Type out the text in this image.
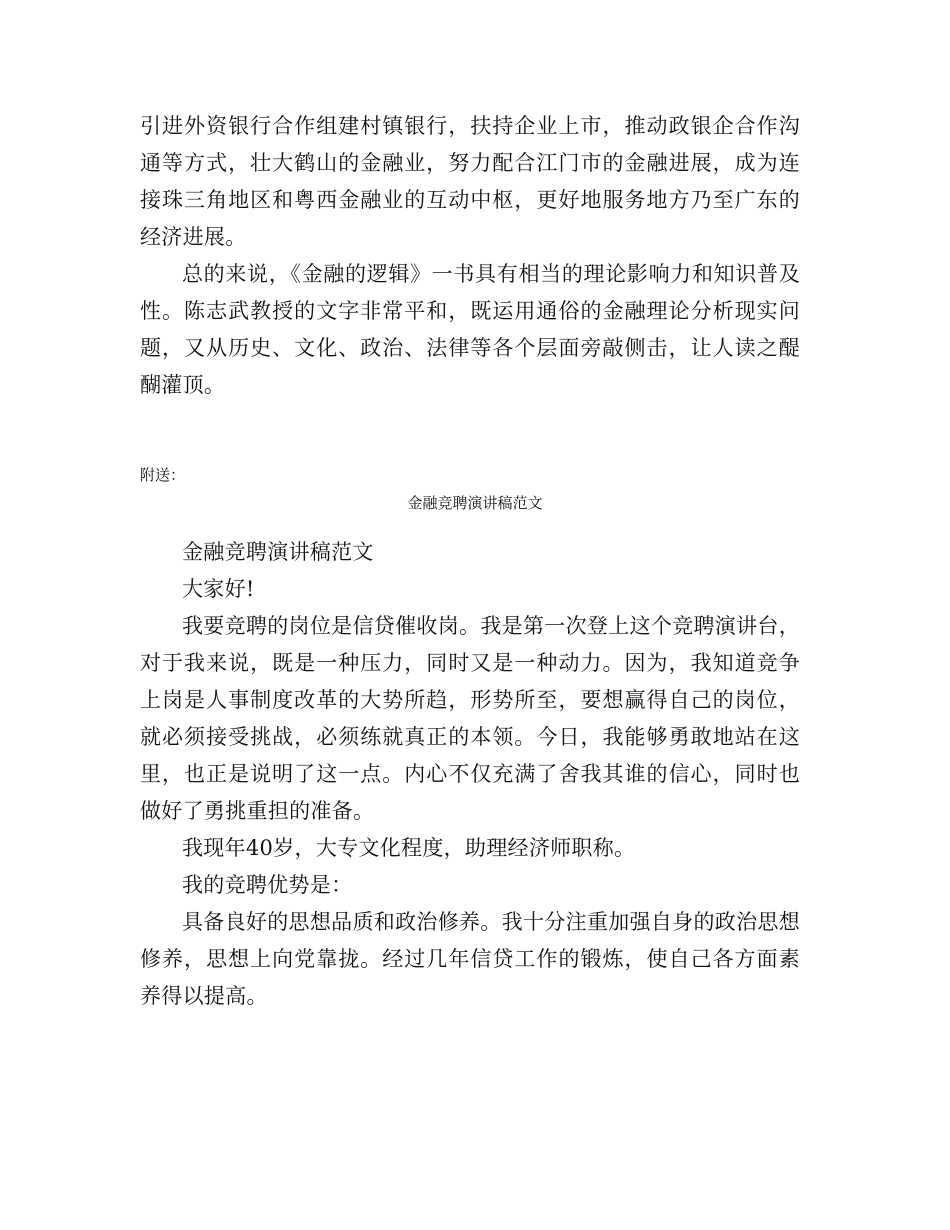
引进外资银行合作组建村镇银行，扶持企业上市，推动政银企合作沟通等方式，壮大鹤山的金融业，努力配合江门市的金融进展，成为连接珠三角地区和粤西金融业的互动中枢，更好地服务地方乃至广东的经济进展。

总的来说，《金融的逻辑》一书具有相当的理论影响力和知识普及性。陈志武教授的文字非常平和，既运用通俗的金融理论分析现实问题，又从历史、文化、政治、法律等各个层面旁敲侧击，让人读之醍醐灌顶。

附送：
金融竞聘演讲稿范文

金融竞聘演讲稿范文

大家好!

我要竞聘的岗位是信贷催收岗。我是第一次登上这个竞聘演讲台，对于我来说，既是一种压力，同时又是一种动力。因为，我知道竞争上岗是人事制度改革的大势所趋，形势所至，要想赢得自己的岗位，就必须接受挑战，必须练就真正的本领。今日，我能够勇敢地站在这里，也正是说明了这一点。内心不仅充满了舍我其谁的信心，同时也做好了勇挑重担的准备。

我现年40岁，大专文化程度，助理经济师职称。

我的竞聘优势是：

具备良好的思想品质和政治修养。我十分注重加强自身的政治思想修养，思想上向党靠拢。经过几年信贷工作的锻炼，使自己各方面素养得以提高。
